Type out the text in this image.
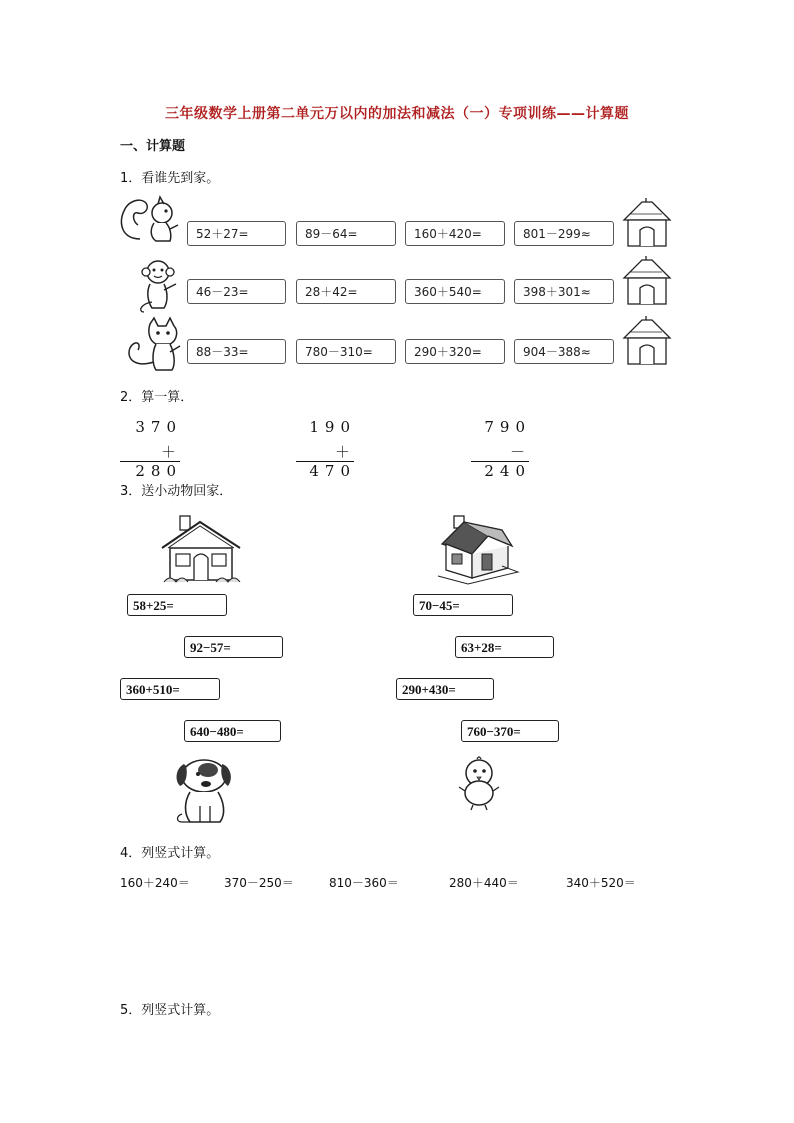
三年级数学上册第二单元万以内的加法和减法（一）专项训练——计算题
一、计算题
1．看谁先到家。
52＋27=	89－64=	160＋420=	801－299≈
46－23=	28＋42=	360＋540=	398＋301≈
88－33=	780－310=	290＋320=	904－388≈
2．算一算．
370
＋280
190
＋470
790
－240
3．送小动物回家．
58+25=
92−57=
360+510=
640−480=
70−45=
63+28=
290+430=
760−370=
4．列竖式计算。
160＋240＝	370－250＝	810－360＝	280＋440＝	340＋520＝
5．列竖式计算。
